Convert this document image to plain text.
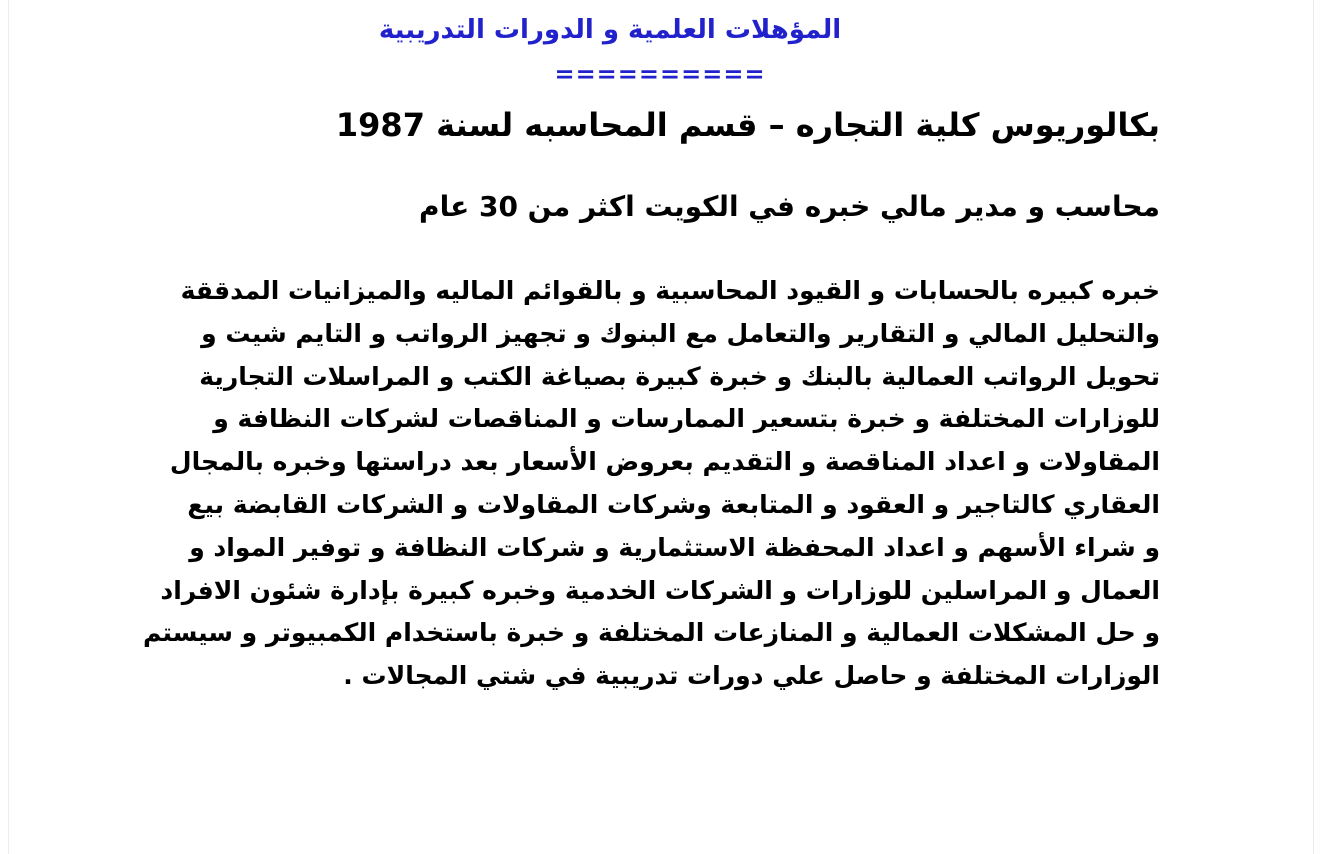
المؤهلات العلمية و الدورات التدريبية
==========
بكالوريوس كلية التجاره – قسم المحاسبه لسنة 1987
محاسب و مدير مالي خبره في الكويت اكثر من 30 عام
خبره كبيره بالحسابات و القيود المحاسبية و بالقوائم الماليه والميزانيات المدققة
والتحليل المالي و التقارير والتعامل مع البنوك و تجهيز الرواتب و التايم شيت و
تحويل الرواتب العمالية بالبنك و خبرة كبيرة بصياغة الكتب و المراسلات التجارية
للوزارات المختلفة و خبرة بتسعير الممارسات و المناقصات لشركات النظافة و
المقاولات و اعداد المناقصة و التقديم بعروض الأسعار بعد دراستها وخبره بالمجال
العقاري كالتاجير و العقود و المتابعة وشركات المقاولات و الشركات القابضة بيع
و شراء الأسهم و اعداد المحفظة الاستثمارية و شركات النظافة و توفير المواد و
العمال و المراسلين للوزارات و الشركات الخدمية وخبره كبيرة بإدارة شئون الافراد
و حل المشكلات العمالية و المنازعات المختلفة و خبرة باستخدام الكمبيوتر و سيستم
الوزارات المختلفة و حاصل علي دورات تدريبية في شتي المجالات .
